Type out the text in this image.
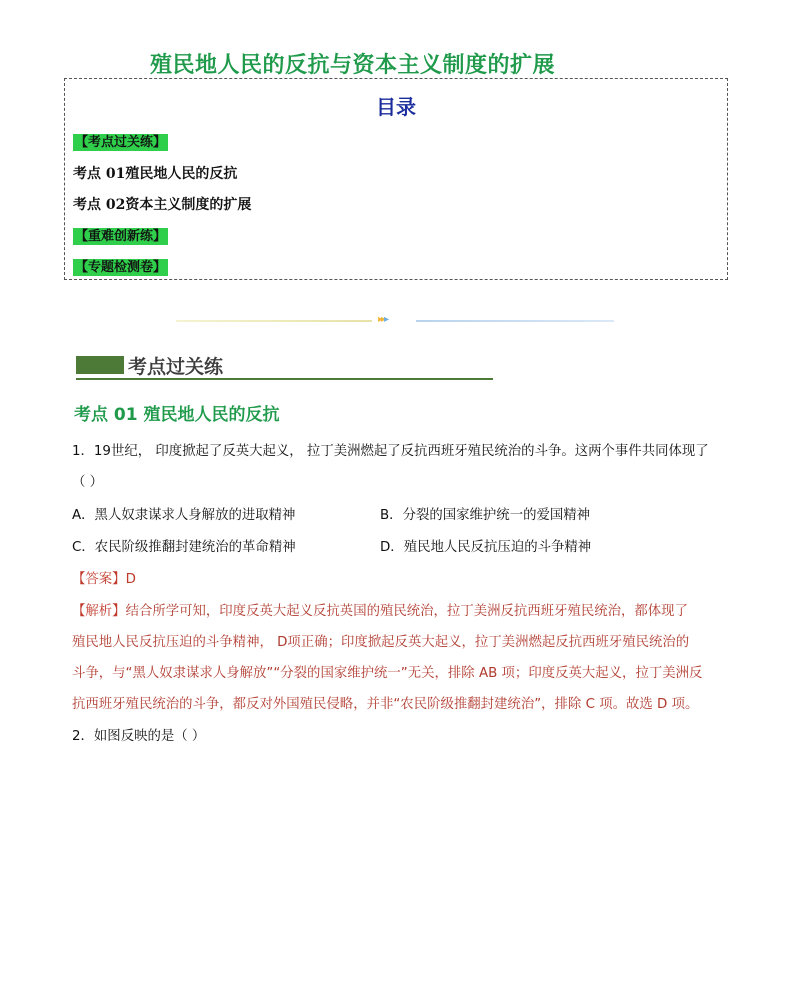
殖民地人民的反抗与资本主义制度的扩展
目录
【考点过关练】
考点 01殖民地人民的反抗
考点 02资本主义制度的扩展
【重难创新练】
【专题检测卷】
▸▸▸
考点过关练
考点 01 殖民地人民的反抗
1．19世纪， 印度掀起了反英大起义， 拉丁美洲燃起了反抗西班牙殖民统治的斗争。这两个事件共同体现了
（ ）
A．黑人奴隶谋求人身解放的进取精神	B．分裂的国家维护统一的爱国精神
C．农民阶级推翻封建统治的革命精神	D．殖民地人民反抗压迫的斗争精神
【答案】D
【解析】结合所学可知，印度反英大起义反抗英国的殖民统治，拉丁美洲反抗西班牙殖民统治，都体现了
殖民地人民反抗压迫的斗争精神， D项正确；印度掀起反英大起义，拉丁美洲燃起反抗西班牙殖民统治的
斗争，与“黑人奴隶谋求人身解放”“分裂的国家维护统一”无关，排除 AB 项；印度反英大起义，拉丁美洲反
抗西班牙殖民统治的斗争，都反对外国殖民侵略，并非“农民阶级推翻封建统治”，排除 C 项。故选 D 项。
2．如图反映的是（ ）
